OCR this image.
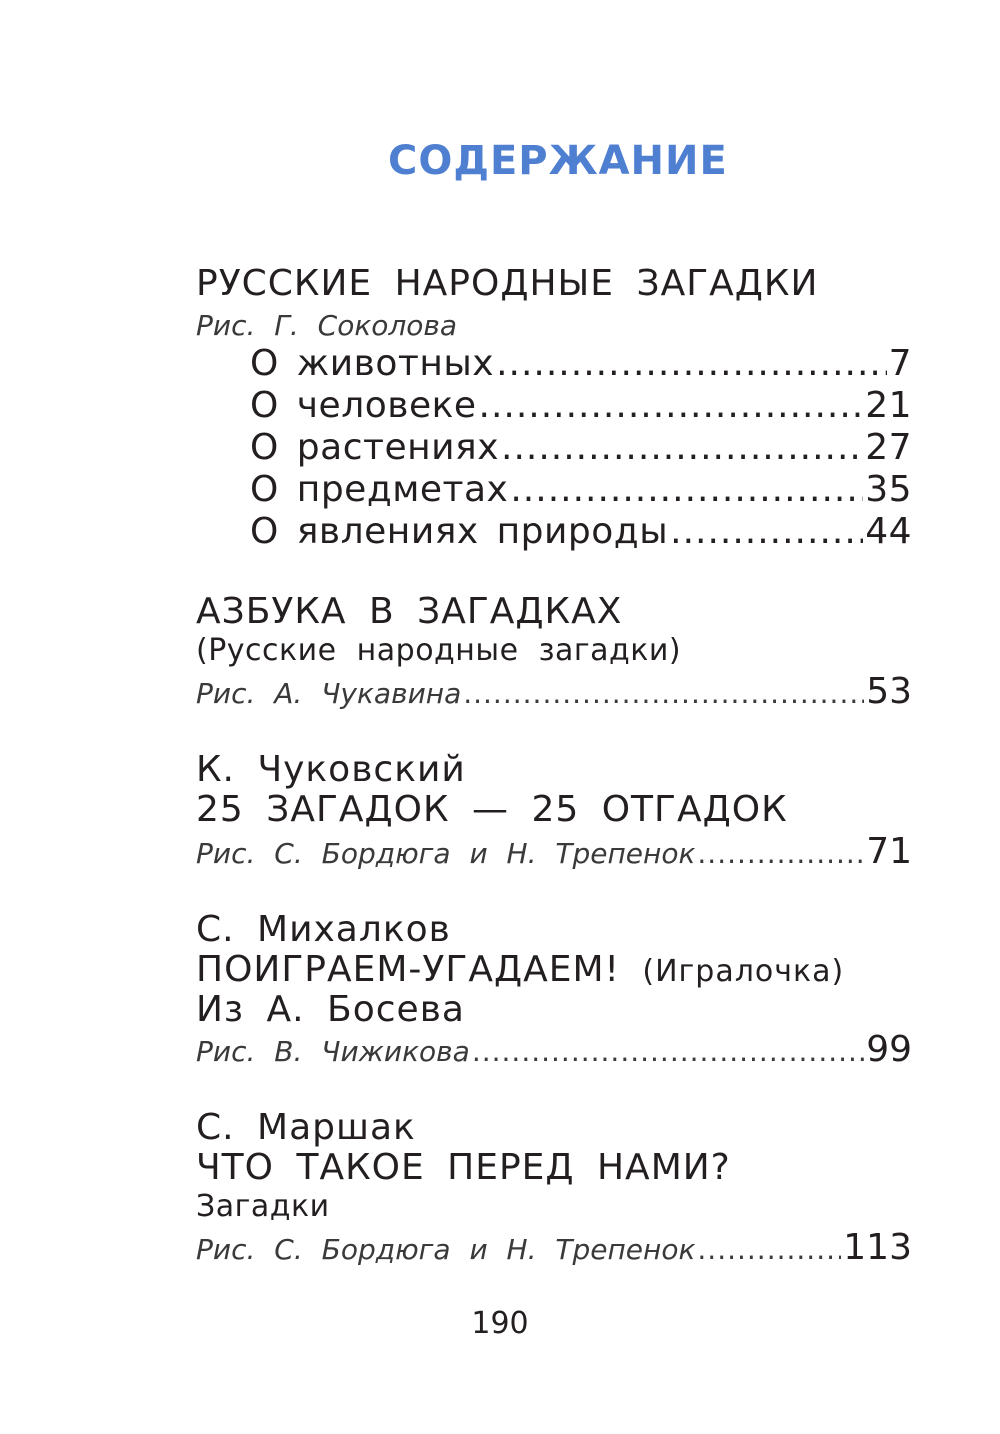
СОДЕРЖАНИЕ
РУССКИЕ НАРОДНЫЕ ЗАГАДКИ
Рис. Г. Соколова
О животных .....	7
О человеке .....	21
О растениях .....	27
О предметах .....	35
О явлениях природы .....	44
АЗБУКА В ЗАГАДКАХ
(Русские народные загадки)
Рис. А. Чукавина .....	53
К. Чуковский
25 ЗАГАДОК — 25 ОТГАДОК
Рис. С. Бордюга и Н. Трепенок .....	71
С. Михалков
ПОИГРАЕМ-УГАДАЕМ! (Игралочка)
Из А. Босева
Рис. В. Чижикова .....	99
С. Маршак
ЧТО ТАКОЕ ПЕРЕД НАМИ?
Загадки
Рис. С. Бордюга и Н. Трепенок .....	113
190
